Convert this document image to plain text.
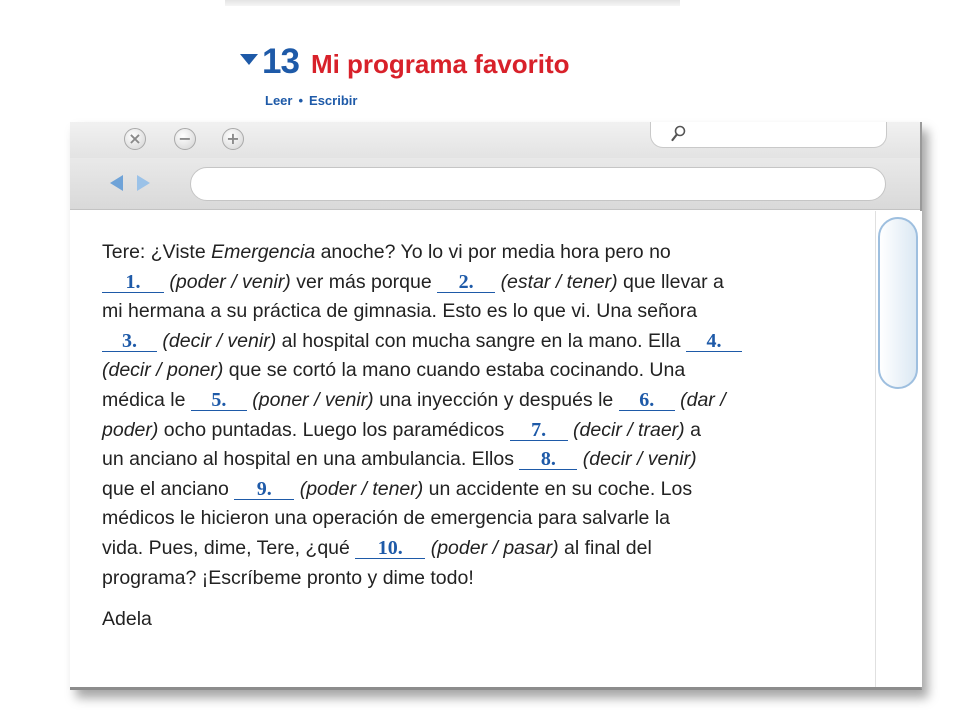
13 Mi programa favorito
Leer • Escribir
× − +
Tere: ¿Viste Emergencia anoche? Yo lo vi por media hora pero no
1. (poder / venir) ver más porque 2. (estar / tener) que llevar a
mi hermana a su práctica de gimnasia. Esto es lo que vi. Una señora
3. (decir / venir) al hospital con mucha sangre en la mano. Ella 4.
(decir / poner) que se cortó la mano cuando estaba cocinando. Una
médica le 5. (poner / venir) una inyección y después le 6. (dar /
poder) ocho puntadas. Luego los paramédicos 7. (decir / traer) a
un anciano al hospital en una ambulancia. Ellos 8. (decir / venir)
que el anciano 9. (poder / tener) un accidente en su coche. Los
médicos le hicieron una operación de emergencia para salvarle la
vida. Pues, dime, Tere, ¿qué 10. (poder / pasar) al final del
programa? ¡Escríbeme pronto y dime todo!
Adela
